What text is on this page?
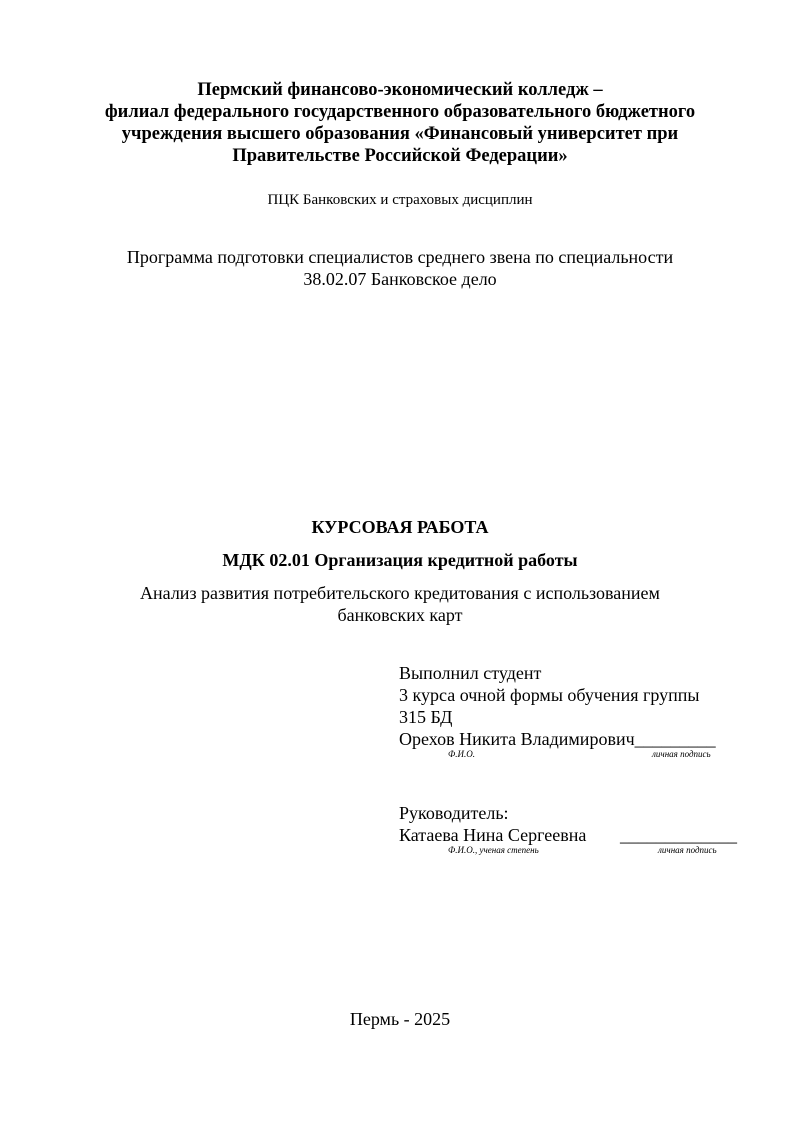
Пермский финансово-экономический колледж –
филиал федерального государственного образовательного бюджетного
учреждения высшего образования «Финансовый университет при
Правительстве Российской Федерации»
ПЦК Банковских и страховых дисциплин
Программа подготовки специалистов среднего звена по специальности
38.02.07 Банковское дело
КУРСОВАЯ РАБОТА
МДК 02.01 Организация кредитной работы
Анализ развития потребительского кредитования с использованием
банковских карт
Выполнил студент
3 курса очной формы обучения группы
315 БД
Орехов Никита Владимирович_________
Ф.И.О.	личная подпись
Руководитель:
Катаева Нина Сергеевна _____________
Ф.И.О., ученая степень	личная подпись
Пермь - 2025
